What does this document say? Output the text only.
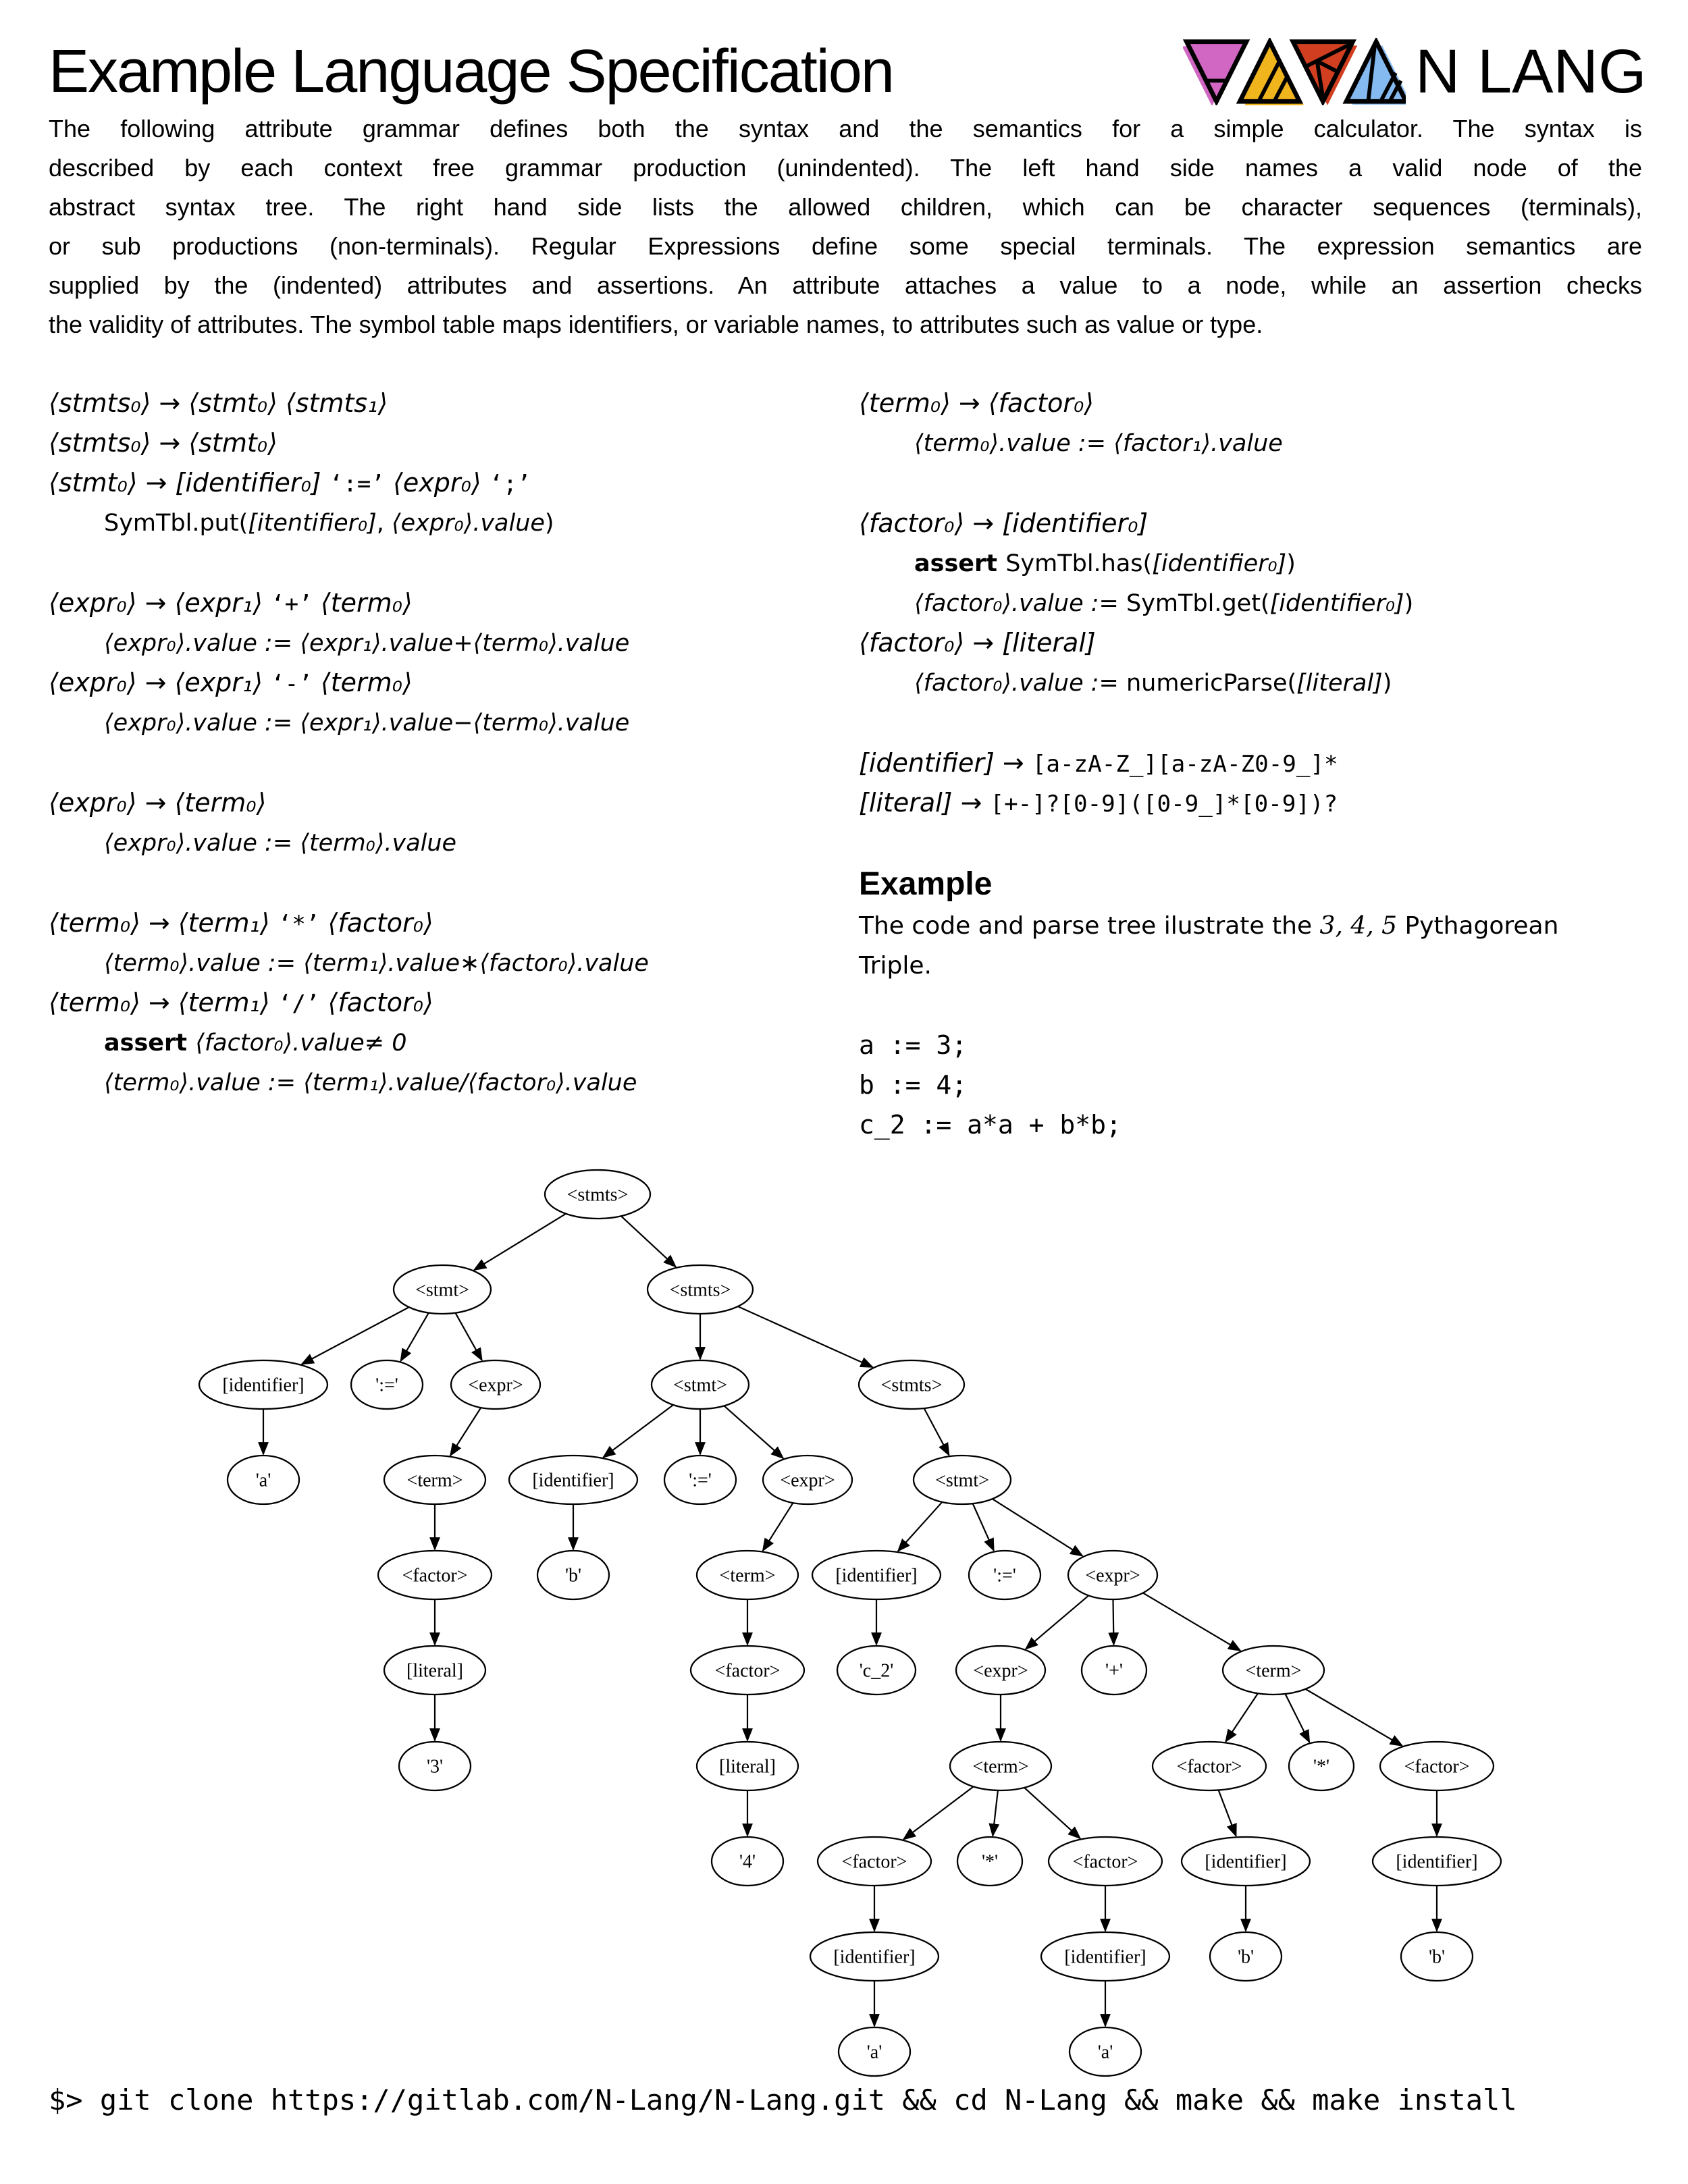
Example Language Specification	N LANG
The following attribute grammar defines both the syntax and the semantics for a simple calculator. The syntax is
described by each context free grammar production (unindented). The left hand side names a valid node of the
abstract syntax tree. The right hand side lists the allowed children, which can be character sequences (terminals),
or sub productions (non-terminals). Regular Expressions define some special terminals. The expression semantics are
supplied by the (indented) attributes and assertions. An attribute attaches a value to a node, while an assertion checks
the validity of attributes. The symbol table maps identifiers, or variable names, to attributes such as value or type.
⟨stmts₀⟩ → ⟨stmt₀⟩ ⟨stmts₁⟩
⟨stmts₀⟩ → ⟨stmt₀⟩
⟨stmt₀⟩ → [identifier₀] ‘:=’ ⟨expr₀⟩ ‘;’
SymTbl.put([itentifier₀], ⟨expr₀⟩.value)
⟨expr₀⟩ → ⟨expr₁⟩ ‘+’ ⟨term₀⟩
⟨expr₀⟩.value := ⟨expr₁⟩.value+⟨term₀⟩.value
⟨expr₀⟩ → ⟨expr₁⟩ ‘-’ ⟨term₀⟩
⟨expr₀⟩.value := ⟨expr₁⟩.value−⟨term₀⟩.value
⟨expr₀⟩ → ⟨term₀⟩
⟨expr₀⟩.value := ⟨term₀⟩.value
⟨term₀⟩ → ⟨term₁⟩ ‘*’ ⟨factor₀⟩
⟨term₀⟩.value := ⟨term₁⟩.value∗⟨factor₀⟩.value
⟨term₀⟩ → ⟨term₁⟩ ‘/’ ⟨factor₀⟩
assert ⟨factor₀⟩.value≠ 0
⟨term₀⟩.value := ⟨term₁⟩.value/⟨factor₀⟩.value
⟨term₀⟩ → ⟨factor₀⟩
⟨term₀⟩.value := ⟨factor₁⟩.value
⟨factor₀⟩ → [identifier₀]
assert SymTbl.has([identifier₀])
⟨factor₀⟩.value := SymTbl.get([identifier₀])
⟨factor₀⟩ → [literal]
⟨factor₀⟩.value := numericParse([literal])
[identifier] → [a-zA-Z_][a-zA-Z0-9_]*
[literal] → [+-]?[0-9]([0-9_]*[0-9])?
Example
The code and parse tree ilustrate the 3, 4, 5 Pythagorean
Triple.
a := 3;
b := 4;
c_2 := a*a + b*b;
<stmts>
<stmt>	<stmts>
[identifier]	':='	<expr>	<stmt>	<stmts>
'a'	<term>	[identifier]	':='	<expr>	<stmt>
<factor>	'b'	<term>	[identifier]	':='	<expr>
[literal]	<factor>	'c_2'	<expr>	'+'	<term>
'3'	[literal]	<term>	<factor>	'*'	<factor>
'4'	<factor>	'*'	<factor>	[identifier]	[identifier]
[identifier]	[identifier]	'b'	'b'
'a'	'a'
$> git clone https://gitlab.com/N-Lang/N-Lang.git && cd N-Lang && make && make install
